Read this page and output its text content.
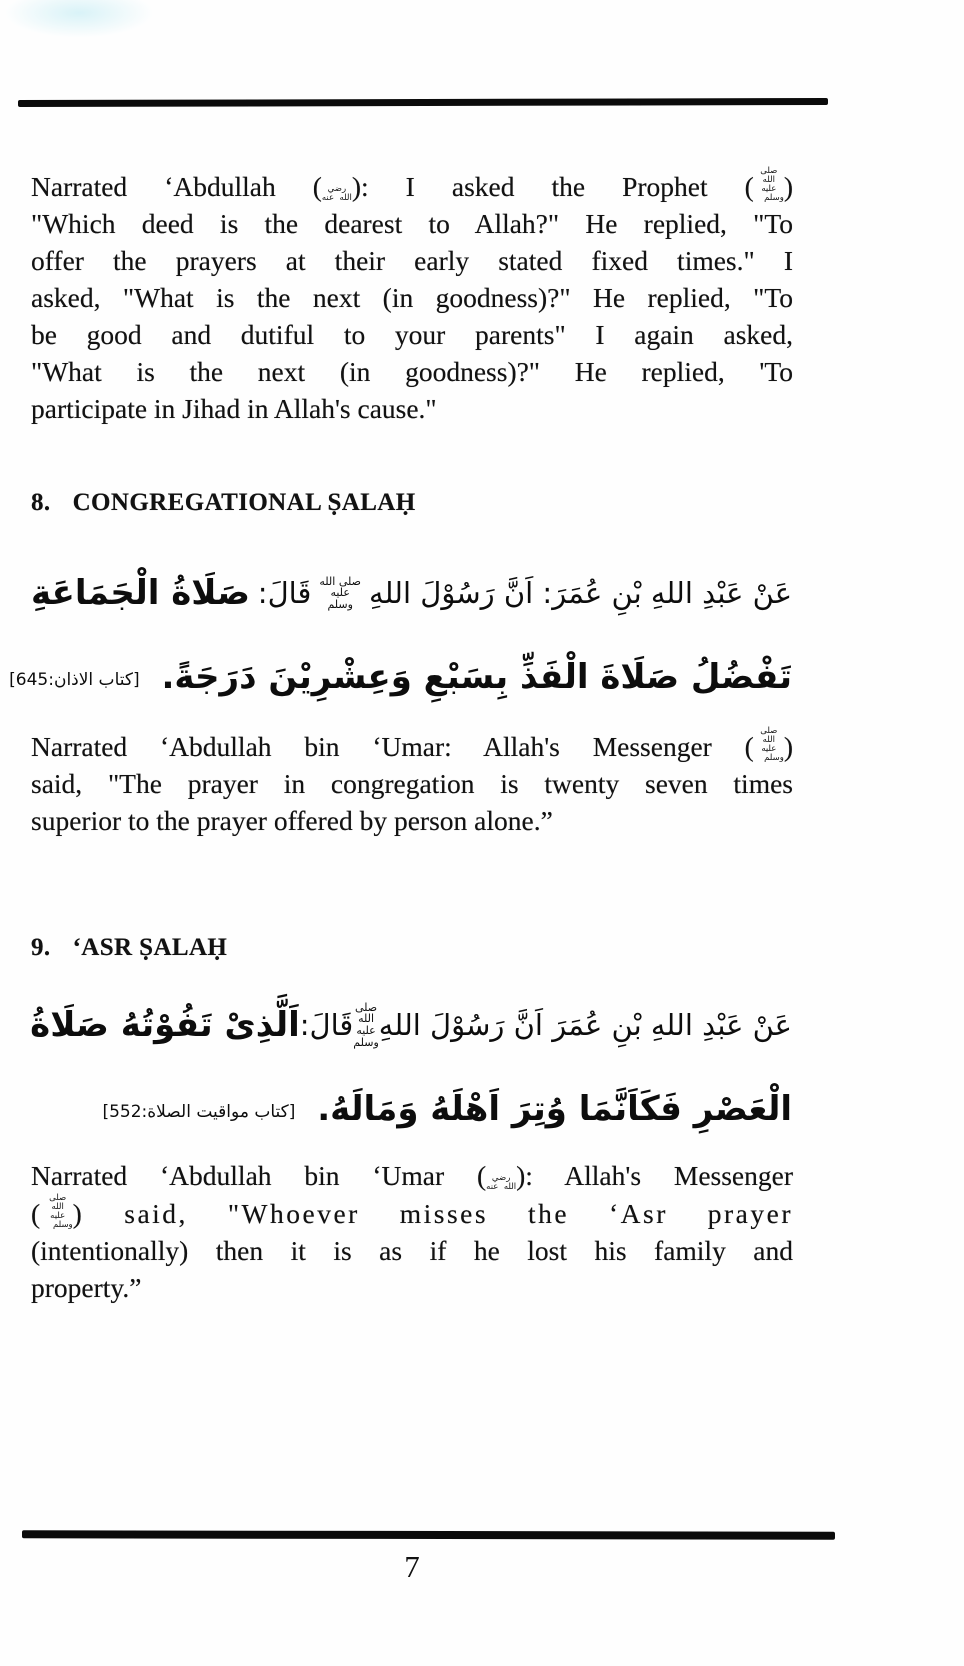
Narrated ‘Abdullah ( رضي الله عنه): I asked the Prophet ( صلى الله عليه وسلم)
"Which deed is the dearest to Allah?" He replied, "To
offer the prayers at their early stated fixed times." I
asked, "What is the next (in goodness)?" He replied, "To
be good and dutiful to your parents" I again asked,
"What is the next (in goodness)?" He replied, 'To
participate in Jihad in Allah's cause."
8. CONGREGATIONAL ṢALAḤ
عَنْ عَبْدِ اللهِ بْنِ عُمَرَ: اَنَّ رَسُوْلَ اللهِ
صلى الله عليه وسلم
قَالَ:
صَلَاةُ الْجَمَاعَةِ
تَفْضُلُ صَلَاةَ الْفَذِّ بِسَبْعِ وَعِشْرِيْنَ دَرَجَةً. [كتاب الاذان:645]
Narrated ‘Abdullah bin ‘Umar: Allah's Messenger ( صلى الله عليه وسلم)
said, "The prayer in congregation is twenty seven times
superior to the prayer offered by person alone.”
9. ‘ASR ṢALAḤ
عَنْ عَبْدِ اللهِ بْنِ عُمَرَ اَنَّ رَسُوْلَ اللهِ
صلى الله عليه وسلم
قَالَ:
اَلَّذِىْ تَفُوْتُهُ صَلَاةُ
الْعَصْرِ فَكَاَنَّمَا وُتِرَ اَهْلَهُ وَمَالَهُ. [كتاب مواقيت الصلاة:552]
Narrated ‘Abdullah bin ‘Umar ( رضي الله عنه): Allah's Messenger
( صلى الله عليه وسلم) said, "Whoever misses the ‘Asr prayer
(intentionally) then it is as if he lost his family and
property.”
7
